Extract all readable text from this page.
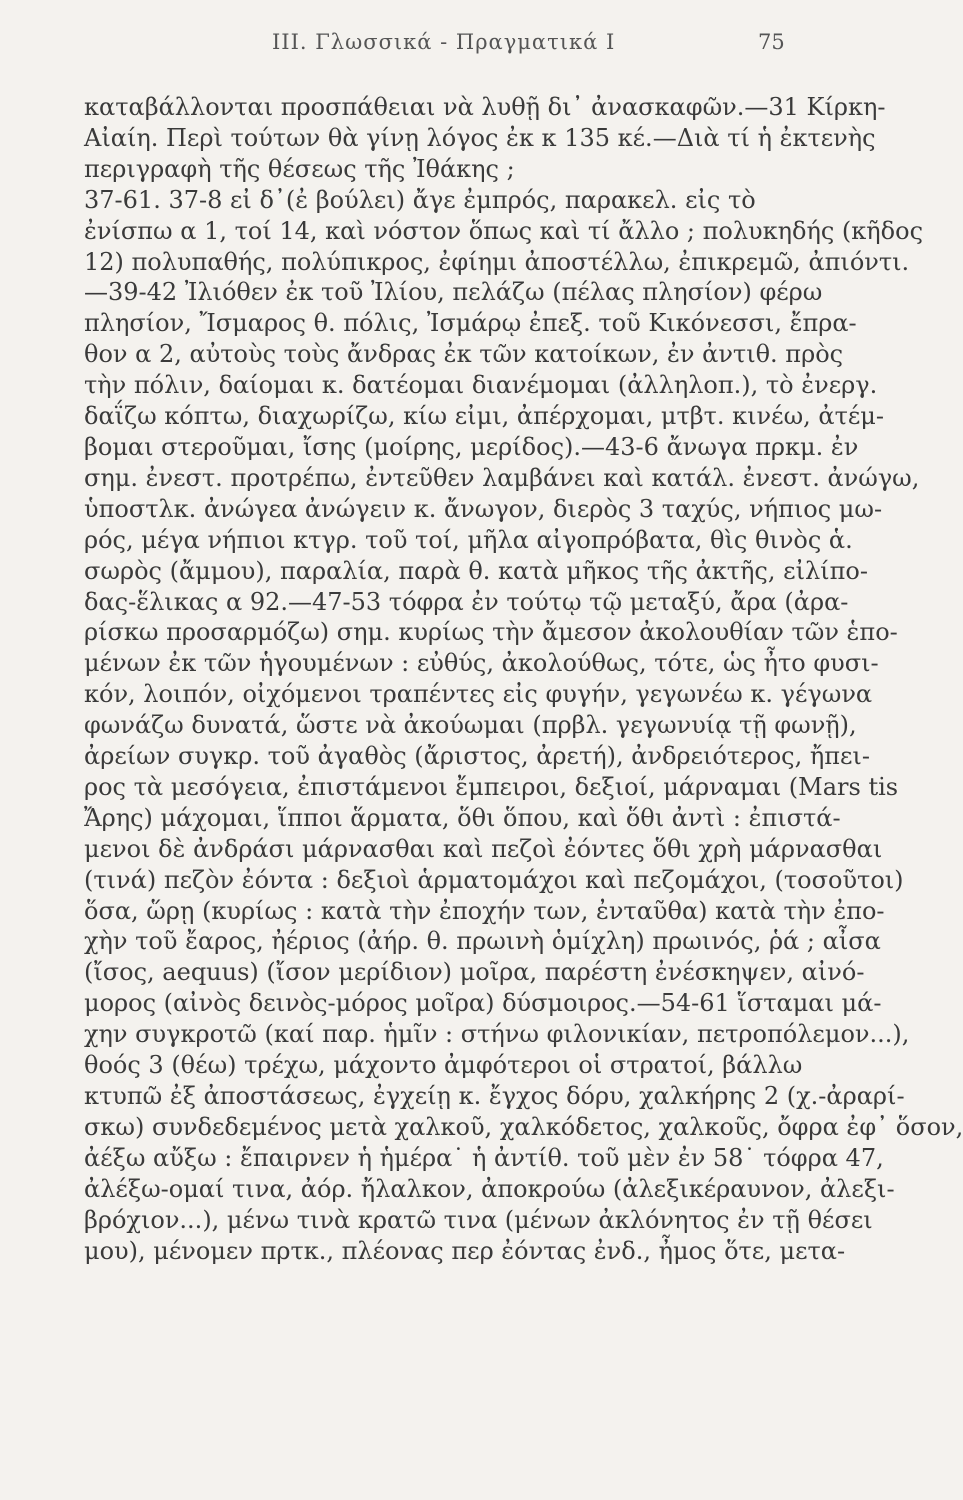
ΙΙΙ. Γλωσσικά - Πραγματικά Ι	75
καταβάλλονται προσπάθειαι νὰ λυθῇ δι᾽ ἀνασκαφῶν.—31 Κίρκη-
Αἰαίη. Περὶ τούτων θὰ γίνῃ λόγος ἐκ κ 135 κέ.—Διὰ τί ἡ ἐκτενὴς
περιγραφὴ τῆς θέσεως τῆς Ἰθάκης ;
37-61. 37-8 εἰ δ᾽(ἐ βούλει) ἄγε ἐμπρός, παρακελ. εἰς τὸ
ἐνίσπω α 1, τοί 14, καὶ νόστον ὅπως καὶ τί ἄλλο ; πολυκηδής (κῆδος
12) πολυπαθής, πολύπικρος, ἐφίημι ἀποστέλλω, ἐπικρεμῶ, ἀπιόντι.
—39-42 Ἰλιόθεν ἐκ τοῦ Ἰλίου, πελάζω (πέλας πλησίον) φέρω
πλησίον, Ἴσμαρος θ. πόλις, Ἰσμάρῳ ἐπεξ. τοῦ Κικόνεσσι, ἔπρα-
θον α 2, αὐτοὺς τοὺς ἄνδρας ἐκ τῶν κατοίκων, ἐν ἀντιθ. πρὸς
τὴν πόλιν, δαίομαι κ. δατέομαι διανέμομαι (ἀλληλοπ.), τὸ ἐνεργ.
δαΐζω κόπτω, διαχωρίζω, κίω εἰμι, ἀπέρχομαι, μτβτ. κινέω, ἀτέμ-
βομαι στεροῦμαι, ἴσης (μοίρης, μερίδος).—43-6 ἄνωγα πρκμ. ἐν
σημ. ἐνεστ. προτρέπω, ἐντεῦθεν λαμβάνει καὶ κατάλ. ἐνεστ. ἀνώγω,
ὑποστλκ. ἀνώγεα ἀνώγειν κ. ἄνωγον, διερὸς 3 ταχύς, νήπιος μω-
ρός, μέγα νήπιοι κτγρ. τοῦ τοί, μῆλα αἰγοπρόβατα, θὶς θινὸς ἁ.
σωρὸς (ἄμμου), παραλία, παρὰ θ. κατὰ μῆκος τῆς ἀκτῆς, εἰλίπο-
δας-ἕλικας α 92.—47-53 τόφρα ἐν τούτῳ τῷ μεταξύ, ἄρα (ἀρα-
ρίσκω προσαρμόζω) σημ. κυρίως τὴν ἄμεσον ἀκολουθίαν τῶν ἑπο-
μένων ἐκ τῶν ἡγουμένων : εὐθύς, ἀκολούθως, τότε, ὡς ἦτο φυσι-
κόν, λοιπόν, οἰχόμενοι τραπέντες εἰς φυγήν, γεγωνέω κ. γέγωνα
φωνάζω δυνατά, ὥστε νὰ ἀκούωμαι (πρβλ. γεγωνυίᾳ τῇ φωνῇ),
ἀρείων συγκρ. τοῦ ἀγαθὸς (ἄριστος, ἀρετή), ἀνδρειότερος, ἤπει-
ρος τὰ μεσόγεια, ἐπιστάμενοι ἔμπειροι, δεξιοί, μάρναμαι (Mars tis
Ἄρης) μάχομαι, ἵπποι ἅρματα, ὅθι ὅπου, καὶ ὅθι ἀντὶ : ἐπιστά-
μενοι δὲ ἀνδράσι μάρνασθαι καὶ πεζοὶ ἐόντες ὅθι χρὴ μάρνασθαι
(τινά) πεζὸν ἐόντα : δεξιοὶ ἁρματομάχοι καὶ πεζομάχοι, (τοσοῦτοι)
ὅσα, ὥρῃ (κυρίως : κατὰ τὴν ἐποχήν των, ἐνταῦθα) κατὰ τὴν ἐπο-
χὴν τοῦ ἔαρος, ἠέριος (ἀήρ. θ. πρωινὴ ὁμίχλη) πρωινός, ῥά ; αἶσα
(ἴσος, aequus) (ἴσον μερίδιον) μοῖρα, παρέστη ἐνέσκηψεν, αἰνό-
μορος (αἰνὸς δεινὸς-μόρος μοῖρα) δύσμοιρος.—54-61 ἵσταμαι μά-
χην συγκροτῶ (καί παρ. ἡμῖν : στήνω φιλονικίαν, πετροπόλεμον...),
θοός 3 (θέω) τρέχω, μάχοντο ἀμφότεροι οἱ στρατοί, βάλλω
κτυπῶ ἐξ ἀποστάσεως, ἐγχείῃ κ. ἔγχος δόρυ, χαλκήρης 2 (χ.-ἀραρί-
σκω) συνδεδεμένος μετὰ χαλκοῦ, χαλκόδετος, χαλκοῦς, ὄφρα ἐφ᾽ ὅσον,
ἀέξω αὔξω : ἔπαιρνεν ἡ ἡμέρα˙ ἡ ἀντίθ. τοῦ μὲν ἐν 58˙ τόφρα 47,
ἀλέξω-ομαί τινα, ἀόρ. ἤλαλκον, ἀποκρούω (ἀλεξικέραυνον, ἀλεξι-
βρόχιον...), μένω τινὰ κρατῶ τινα (μένων ἀκλόνητος ἐν τῇ θέσει
μου), μένομεν πρτκ., πλέονας περ ἐόντας ἐνδ., ἦμος ὅτε, μετα-
